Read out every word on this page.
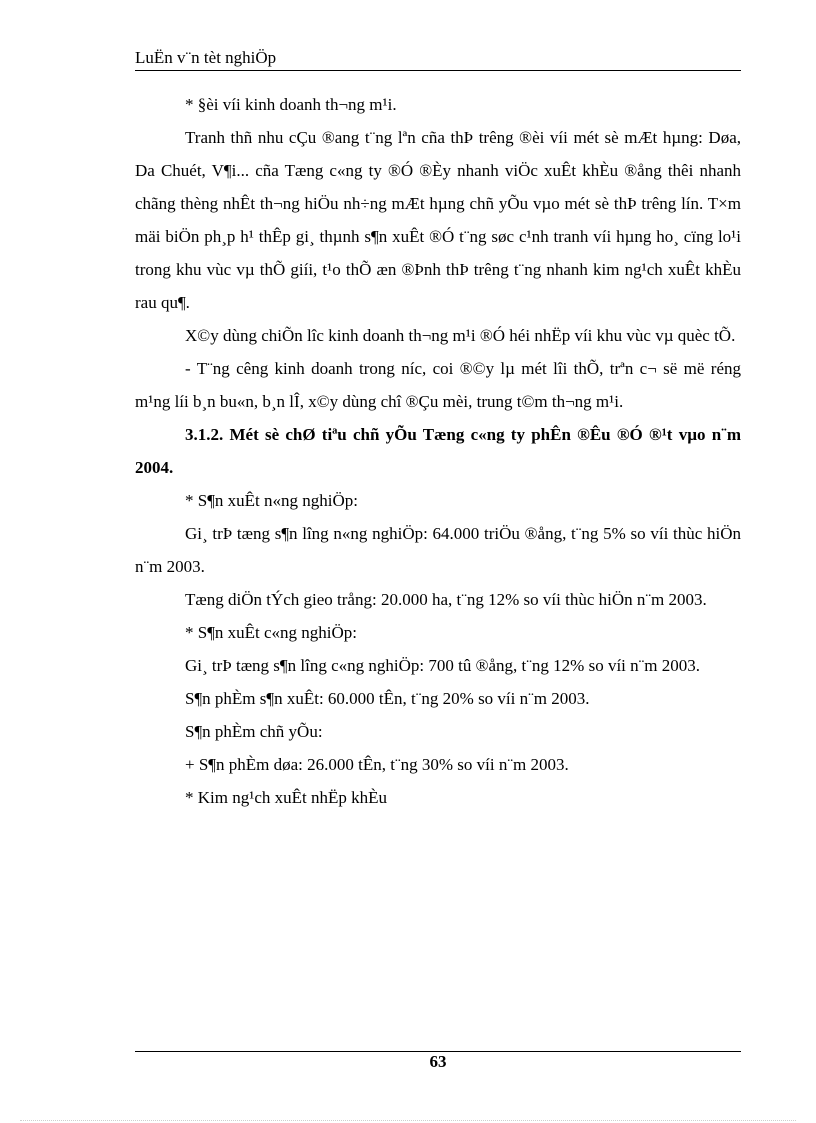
LuËn v¨n tèt nghiÖp

* §èi víi kinh doanh th¬ng m¹i.

Tranh thñ nhu cÇu ®ang t¨ng lªn cña thÞ trêng ®èi víi mét sè mÆt hµng: Døa, Da Chuét, V¶i... cña Tæng c«ng ty ®Ó ®Èy nhanh viÖc xuÊt khÈu ®ång thêi nhanh chãng thèng nhÊt th¬ng hiÖu nh÷ng mÆt hµng chñ yÕu vµo mét sè thÞ trêng lín. T×m mäi biÖn ph¸p h¹ thÊp gi¸ thµnh s¶n xuÊt ®Ó t¨ng søc c¹nh tranh víi hµng ho¸ cïng lo¹i trong khu vùc vµ thÕ giíi, t¹o thÕ æn ®Þnh thÞ trêng t¨ng nhanh kim ng¹ch xuÊt khÈu rau qu¶.

X©y dùng chiÕn lîc kinh doanh th¬ng m¹i ®Ó héi nhËp víi khu vùc vµ quèc tÕ.

- T¨ng cêng kinh doanh trong níc, coi ®©y lµ mét lîi thÕ, trªn c¬ së më réng m¹ng líi b¸n bu«n, b¸n lÎ, x©y dùng chî ®Çu mèi, trung t©m th¬ng m¹i.

3.1.2. Mét sè chØ tiªu chñ yÕu Tæng c«ng ty phÊn ®Êu ®Ó ®¹t vµo n¨m 2004.

* S¶n xuÊt n«ng nghiÖp:

Gi¸ trÞ tæng s¶n lîng n«ng nghiÖp: 64.000 triÖu ®ång, t¨ng 5% so víi thùc hiÖn n¨m 2003.

Tæng diÖn tÝch gieo trång: 20.000 ha, t¨ng 12% so víi thùc hiÖn n¨m 2003.

* S¶n xuÊt c«ng nghiÖp:

Gi¸ trÞ tæng s¶n lîng c«ng nghiÖp: 700 tû ®ång, t¨ng 12% so víi n¨m 2003.

S¶n phÈm s¶n xuÊt: 60.000 tÊn, t¨ng 20% so víi n¨m 2003.

S¶n phÈm chñ yÕu:

+ S¶n phÈm døa: 26.000 tÊn, t¨ng 30% so víi n¨m 2003.

* Kim ng¹ch xuÊt nhËp khÈu

63
